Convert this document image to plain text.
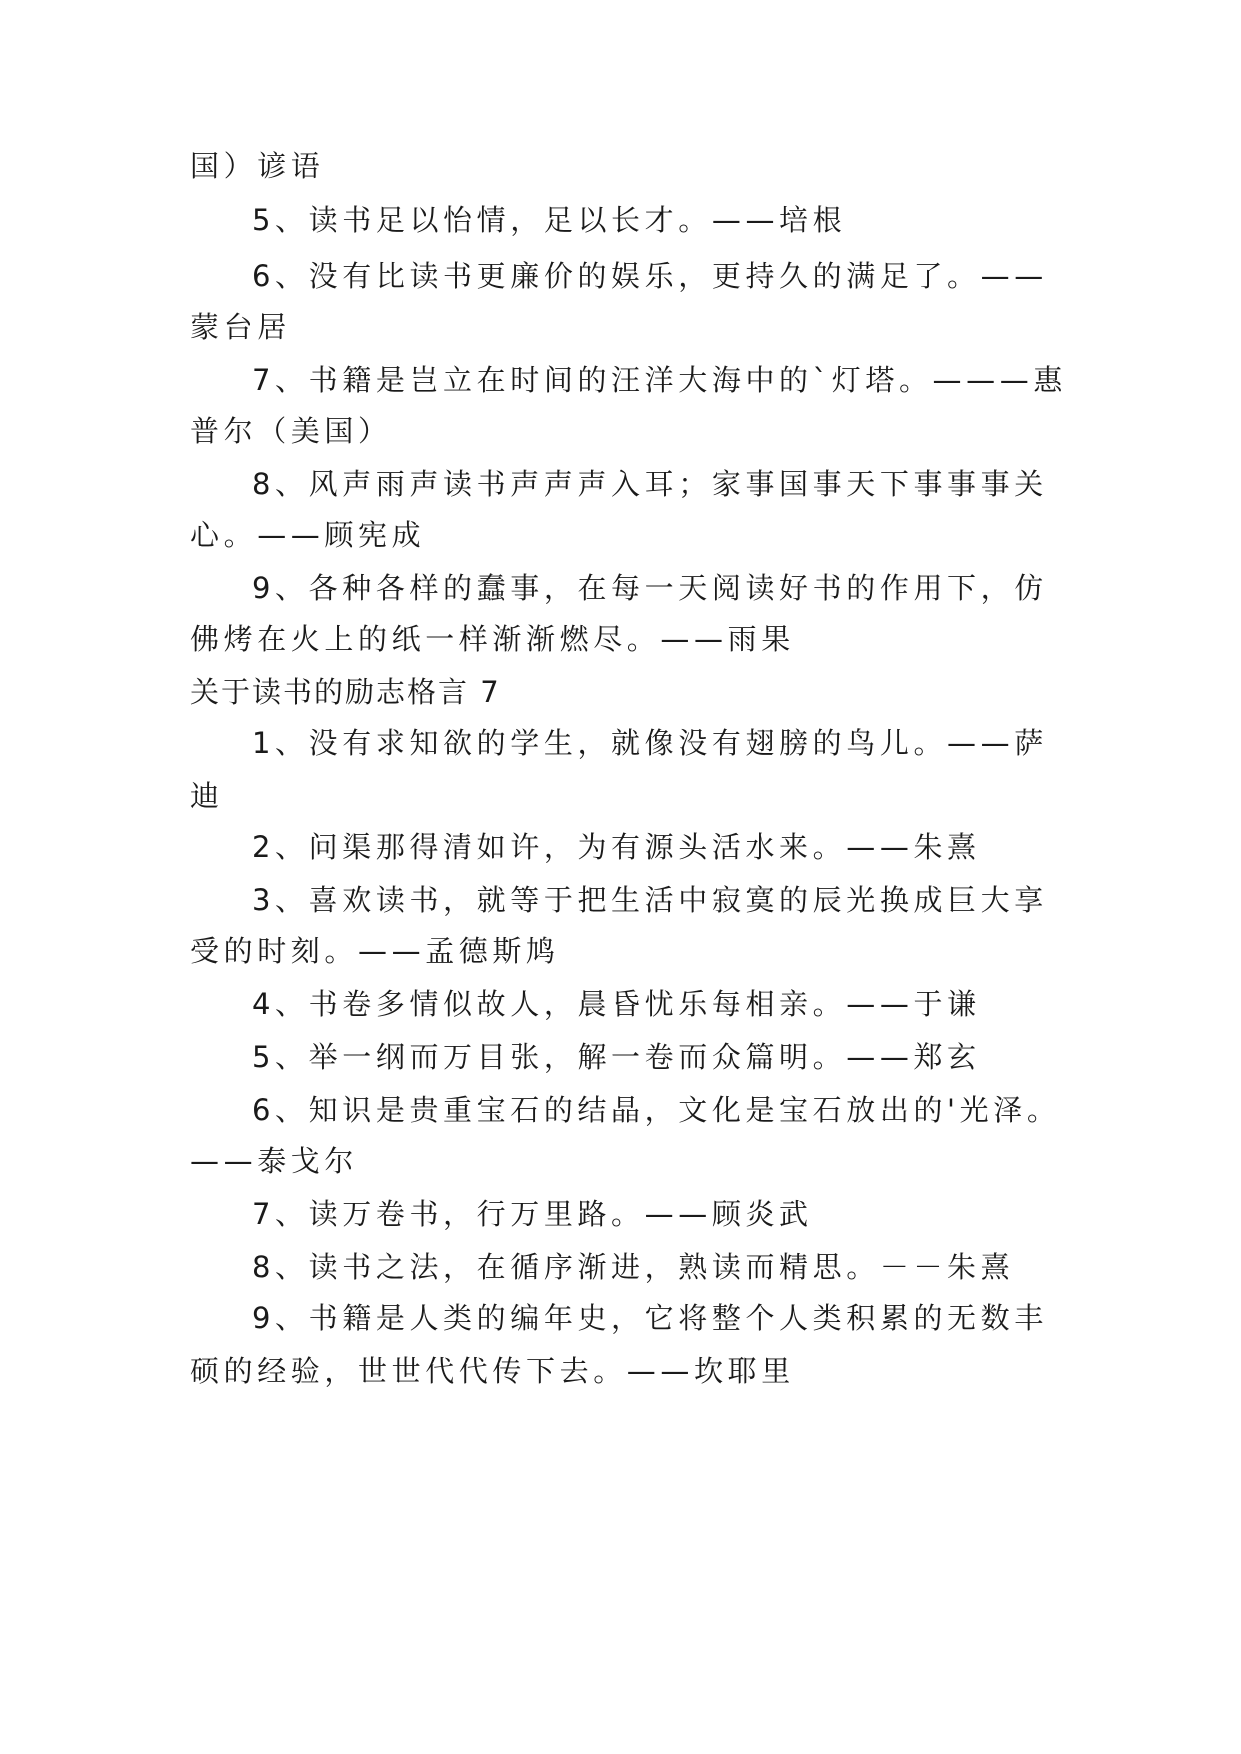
国）谚语
5、读书足以怡情，足以长才。——培根
6、没有比读书更廉价的娱乐，更持久的满足了。——
蒙台居
7、书籍是岂立在时间的汪洋大海中的`灯塔。———惠
普尔（美国）
8、风声雨声读书声声声入耳；家事国事天下事事事关
心。——顾宪成
9、各种各样的蠢事，在每一天阅读好书的作用下，仿
佛烤在火上的纸一样渐渐燃尽。——雨果
关于读书的励志格言 7
1、没有求知欲的学生，就像没有翅膀的鸟儿。——萨
迪
2、问渠那得清如许，为有源头活水来。——朱熹
3、喜欢读书，就等于把生活中寂寞的辰光换成巨大享
受的时刻。——孟德斯鸠
4、书卷多情似故人，晨昏忧乐每相亲。——于谦
5、举一纲而万目张，解一卷而众篇明。——郑玄
6、知识是贵重宝石的结晶，文化是宝石放出的'光泽。
——泰戈尔
7、读万卷书，行万里路。——顾炎武
8、读书之法，在循序渐进，熟读而精思。－－朱熹
9、书籍是人类的编年史，它将整个人类积累的无数丰
硕的经验，世世代代传下去。——坎耶里
